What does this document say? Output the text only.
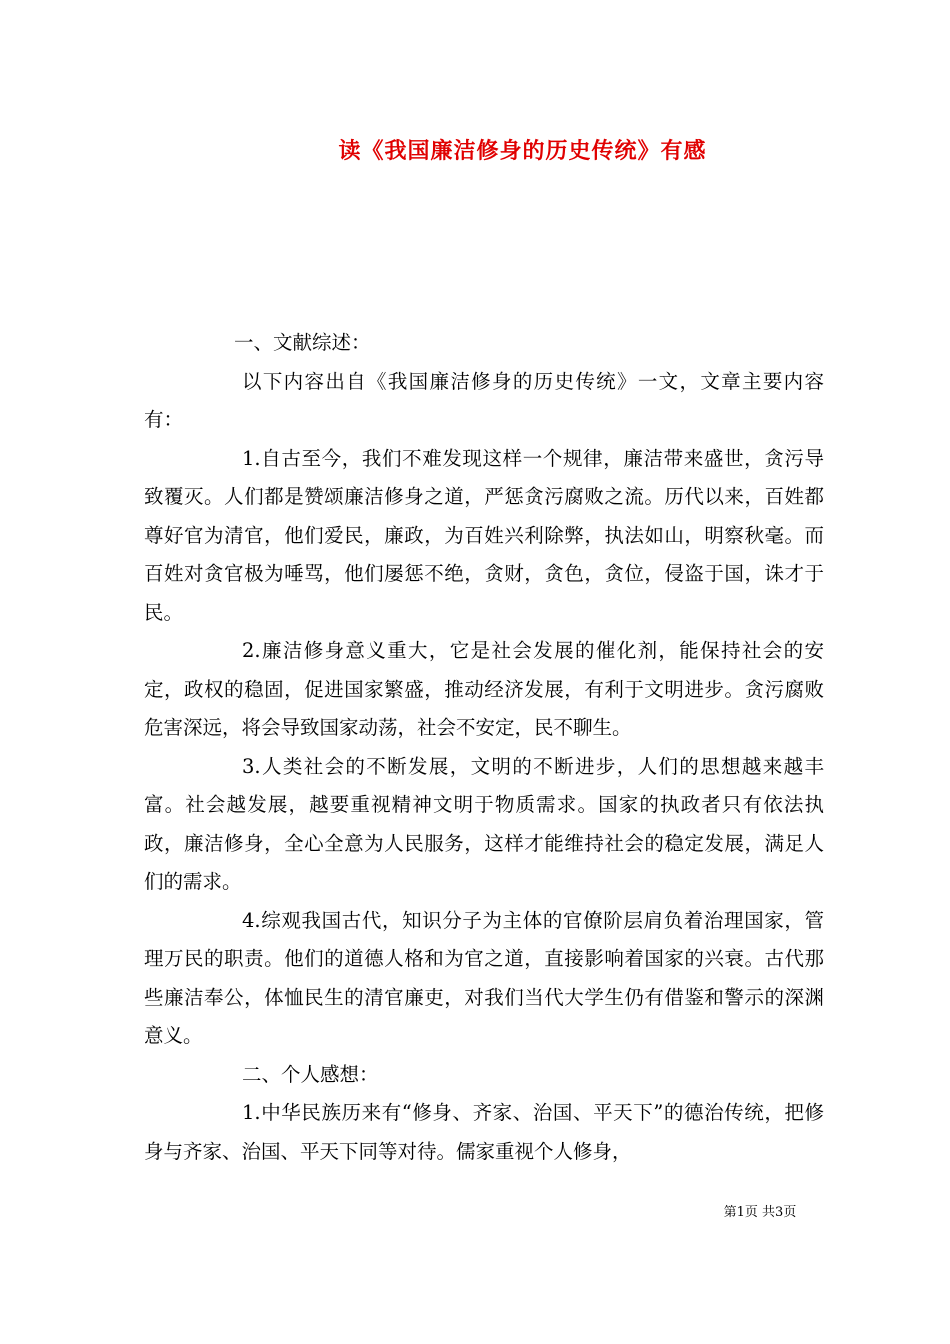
读《我国廉洁修身的历史传统》有感

一、文献综述：

以下内容出自《我国廉洁修身的历史传统》一文，文章主要内容有：

1.自古至今，我们不难发现这样一个规律，廉洁带来盛世，贪污导致覆灭。人们都是赞颂廉洁修身之道，严惩贪污腐败之流。历代以来，百姓都尊好官为清官，他们爱民，廉政，为百姓兴利除弊，执法如山，明察秋毫。而百姓对贪官极为唾骂，他们屡惩不绝，贪财，贪色，贪位，侵盗于国，诛才于民。

2.廉洁修身意义重大，它是社会发展的催化剂，能保持社会的安定，政权的稳固，促进国家繁盛，推动经济发展，有利于文明进步。贪污腐败危害深远，将会导致国家动荡，社会不安定，民不聊生。

3.人类社会的不断发展，文明的不断进步，人们的思想越来越丰富。社会越发展，越要重视精神文明于物质需求。国家的执政者只有依法执政，廉洁修身，全心全意为人民服务，这样才能维持社会的稳定发展，满足人们的需求。

4.综观我国古代，知识分子为主体的官僚阶层肩负着治理国家，管理万民的职责。他们的道德人格和为官之道，直接影响着国家的兴衰。古代那些廉洁奉公，体恤民生的清官廉吏，对我们当代大学生仍有借鉴和警示的深渊意义。

二、个人感想：

1.中华民族历来有“修身、齐家、治国、平天下”的德治传统，把修身与齐家、治国、平天下同等对待。儒家重视个人修身，

第1页 共3页
